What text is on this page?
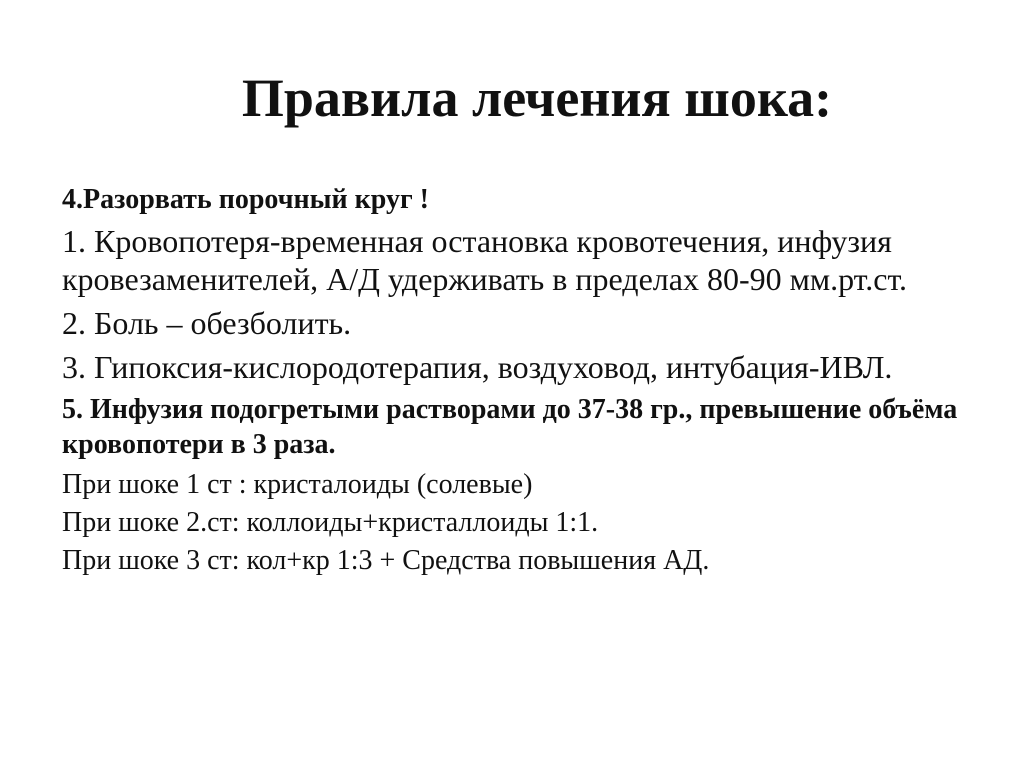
Правила лечения шока:

4.Разорвать порочный круг !

1. Кровопотеря-временная остановка кровотечения, инфузия кровезаменителей, А/Д удерживать в пределах 80-90 мм.рт.ст.

2. Боль – обезболить.

3. Гипоксия-кислородотерапия, воздуховод, интубация-ИВЛ.

5. Инфузия подогретыми растворами до 37-38 гр., превышение объёма кровопотери в 3 раза.

При шоке 1 ст : кристалоиды (солевые)

При шоке 2.ст: коллоиды+кристаллоиды 1:1.

При шоке 3 ст: кол+кр 1:3 + Средства повышения АД.
